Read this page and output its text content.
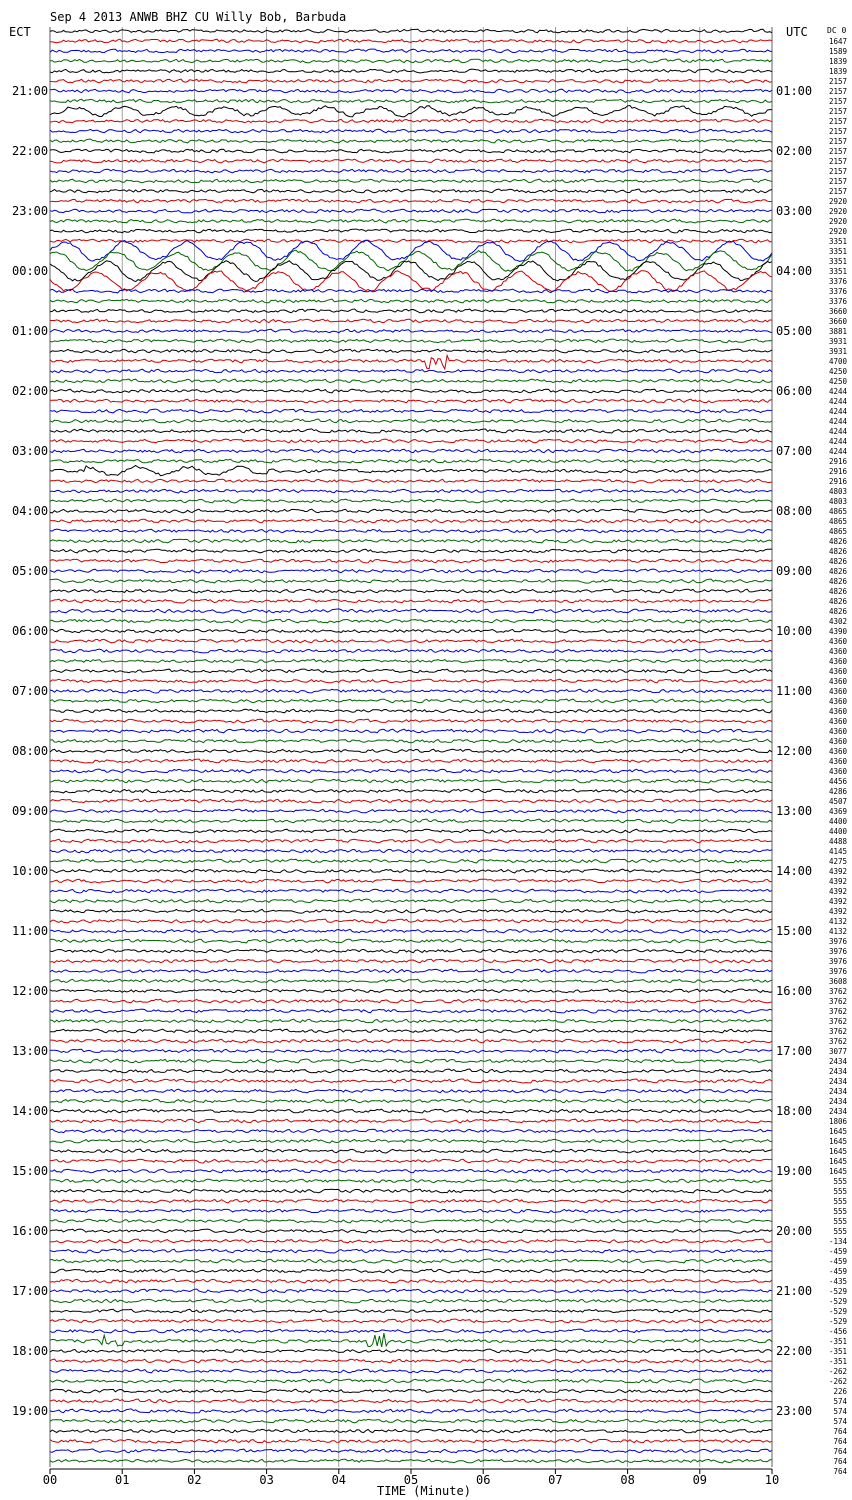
Sep 4 2013 ANWB BHZ CU Willy Bob, Barbuda
ECT	UTC DC 0
TIME (Minute)
21:00
22:00
23:00
00:00
01:00
02:00
03:00
04:00
05:00
06:00
07:00
08:00
09:00
10:00
11:00
12:00
13:00
14:00
15:00
16:00
17:00
18:00
19:00
01:00
02:00
03:00
04:00
05:00
06:00
07:00
08:00
09:00
10:00
11:00
12:00
13:00
14:00
15:00
16:00
17:00
18:00
19:00
20:00
21:00
22:00
23:00
1647
1589
1839
1839
2157
2157
2157
2157
2157
2157
2157
2157
2157
2157
2157
2157
2920
2920
2920
2920
3351
3351
3351
3351
3376
3376
3376
3660
3660
3881
3931
3931
4700
4250
4250
4244
4244
4244
4244
4244
4244
4244
2916
2916
2916
4803
4803
4865
4865
4865
4826
4826
4826
4826
4826
4826
4826
4826
4302
4390
4360
4360
4360
4360
4360
4360
4360
4360
4360
4360
4360
4360
4360
4360
4456
4286
4507
4369
4400
4400
4488
4145
4275
4392
4392
4392
4392
4392
4132
4132
3976
3976
3976
3976
3608
3762
3762
3762
3762
3762
3762
3077
2434
2434
2434
2434
2434
2434
1806
1645
1645
1645
1645
1645
555
555
555
555
555
555
-134
-459
-459
-459
-435
-529
-529
-529
-529
-456
-351
-351
-351
-262
-262
226
574
574
574
764
764
764
764
764
00	01	02	03	04	05	06	07	08	09	10
